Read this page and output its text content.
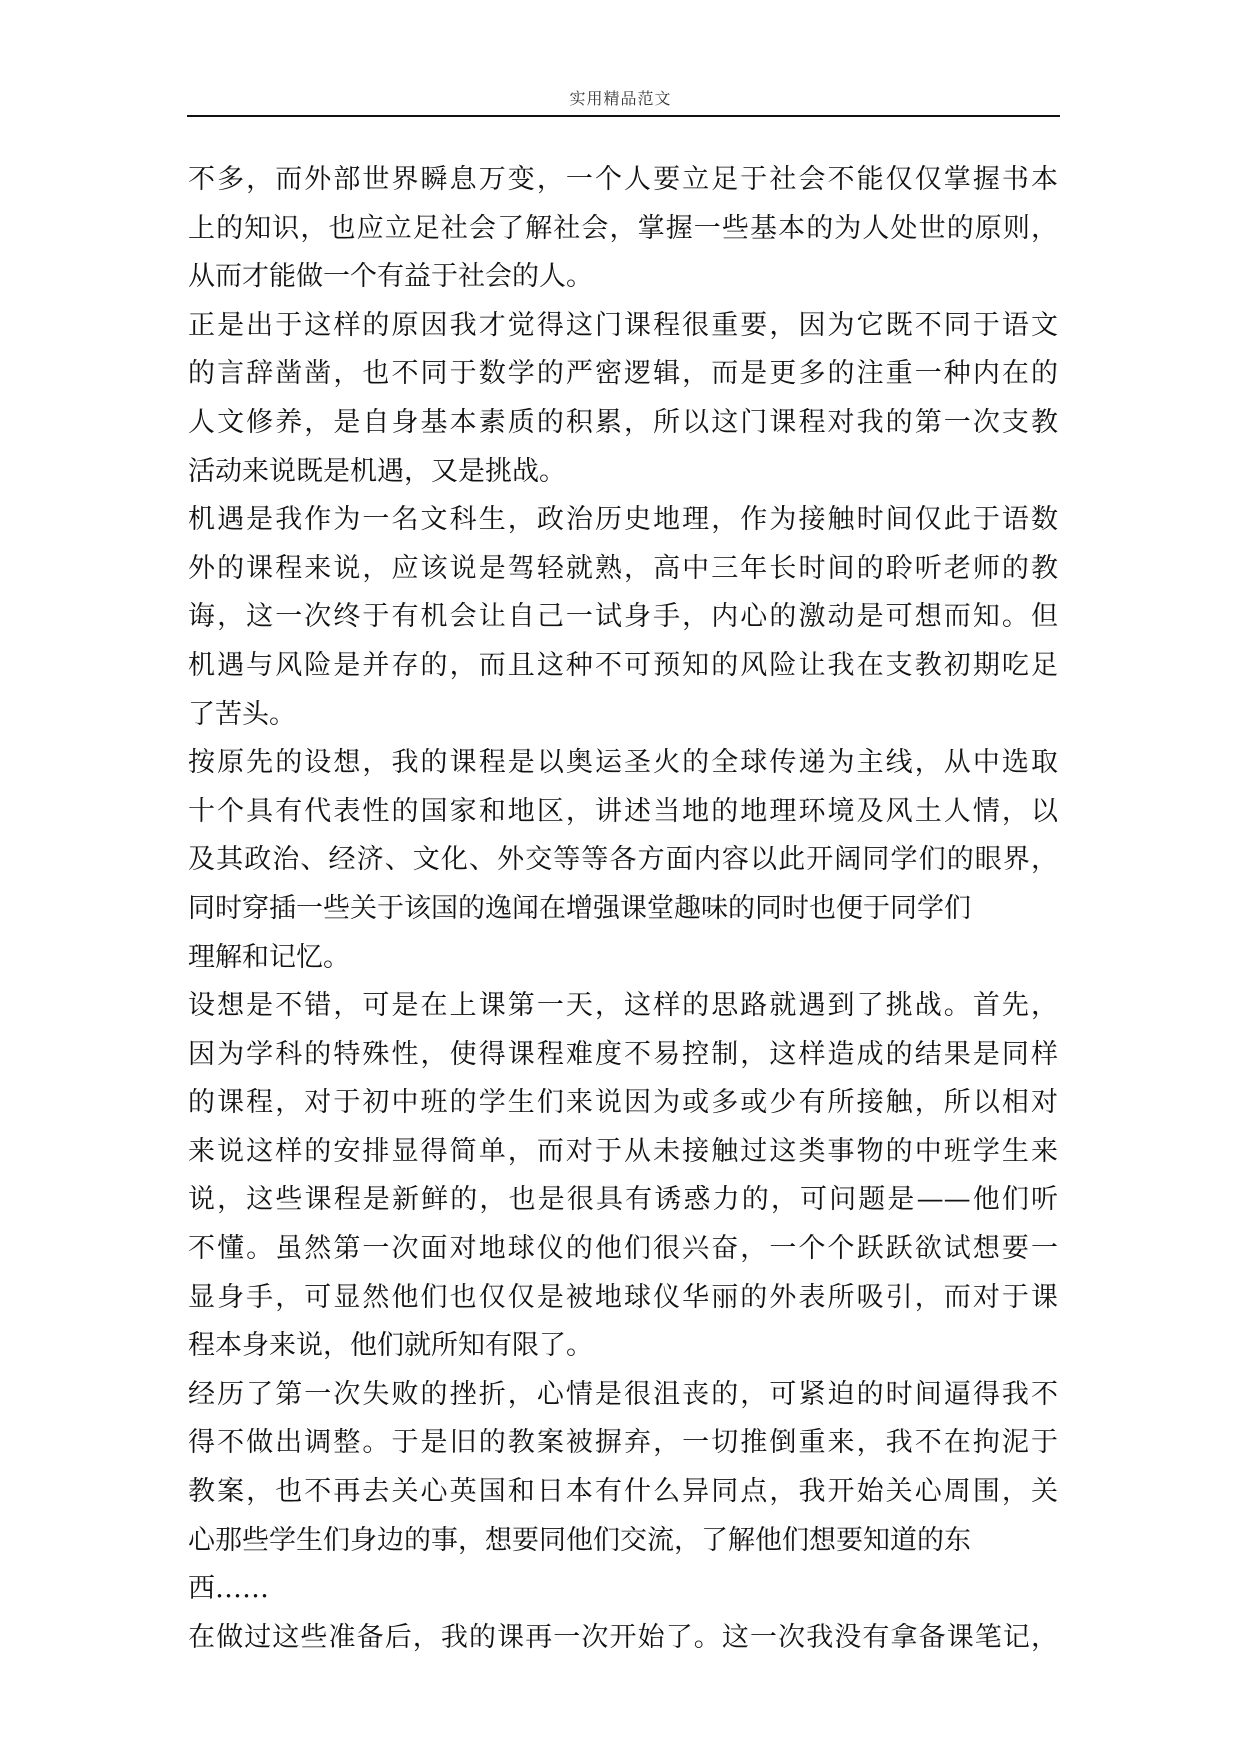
实用精品范文
不多，而外部世界瞬息万变，一个人要立足于社会不能仅仅掌握书本
上的知识，也应立足社会了解社会，掌握一些基本的为人处世的原则，
从而才能做一个有益于社会的人。
正是出于这样的原因我才觉得这门课程很重要，因为它既不同于语文
的言辞凿凿，也不同于数学的严密逻辑，而是更多的注重一种内在的
人文修养，是自身基本素质的积累，所以这门课程对我的第一次支教
活动来说既是机遇，又是挑战。
机遇是我作为一名文科生，政治历史地理，作为接触时间仅此于语数
外的课程来说，应该说是驾轻就熟，高中三年长时间的聆听老师的教
诲，这一次终于有机会让自己一试身手，内心的激动是可想而知。但
机遇与风险是并存的，而且这种不可预知的风险让我在支教初期吃足
了苦头。
按原先的设想，我的课程是以奥运圣火的全球传递为主线，从中选取
十个具有代表性的国家和地区，讲述当地的地理环境及风土人情，以
及其政治、经济、文化、外交等等各方面内容以此开阔同学们的眼界，
同时穿插一些关于该国的逸闻在增强课堂趣味的同时也便于同学们
理解和记忆。
设想是不错，可是在上课第一天，这样的思路就遇到了挑战。首先，
因为学科的特殊性，使得课程难度不易控制，这样造成的结果是同样
的课程，对于初中班的学生们来说因为或多或少有所接触，所以相对
来说这样的安排显得简单，而对于从未接触过这类事物的中班学生来
说，这些课程是新鲜的，也是很具有诱惑力的，可问题是——他们听
不懂。虽然第一次面对地球仪的他们很兴奋，一个个跃跃欲试想要一
显身手，可显然他们也仅仅是被地球仪华丽的外表所吸引，而对于课
程本身来说，他们就所知有限了。
经历了第一次失败的挫折，心情是很沮丧的，可紧迫的时间逼得我不
得不做出调整。于是旧的教案被摒弃，一切推倒重来，我不在拘泥于
教案，也不再去关心英国和日本有什么异同点，我开始关心周围，关
心那些学生们身边的事，想要同他们交流，了解他们想要知道的东
西……
在做过这些准备后，我的课再一次开始了。这一次我没有拿备课笔记，
